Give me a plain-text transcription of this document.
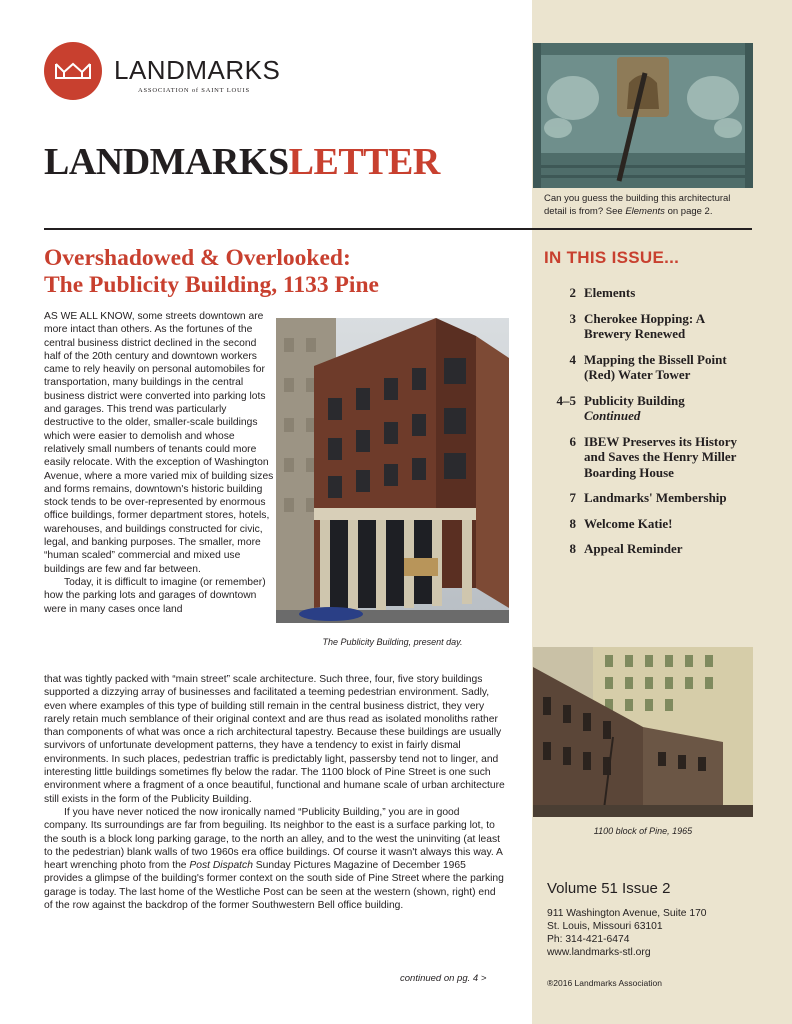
LANDMARKS
ASSOCIATION of SAINT LOUIS
LANDMARKSLETTER
Overshadowed & Overlooked:
The Publicity Building, 1133 Pine

AS WE ALL KNOW, some streets downtown are more intact than others. As the fortunes of the central business district declined in the second half of the 20th century and downtown workers came to rely heavily on personal automobiles for transportation, many buildings in the central business district were converted into parking lots and garages. This trend was particularly destructive to the older, smaller-scale buildings which were easier to demolish and whose relatively small numbers of tenants could more easily relocate. With the exception of Washington Avenue, where a more varied mix of building sizes and forms remains, downtown's historic building stock tends to be over-represented by enormous office buildings, former department stores, hotels, warehouses, and buildings constructed for civic, legal, and banking purposes. The smaller, more “human scaled” commercial and mixed use buildings are few and far between.

Today, it is difficult to imagine (or remember) how the parking lots and garages of downtown were in many cases once land

The Publicity Building, present day.

that was tightly packed with “main street” scale architecture. Such three, four, five story buildings supported a dizzying array of businesses and facilitated a teeming pedestrian environment. Sadly, even where examples of this type of building still remain in the central business district, they very rarely retain much semblance of their original context and are thus read as isolated monoliths rather than components of what was once a rich architectural tapestry. Because these buildings are usually survivors of unfortunate development patterns, they have a tendency to exist in fairly dismal environments. In such places, pedestrian traffic is predictably light, passersby tend not to linger, and interesting little buildings sometimes fly below the radar. The 1100 block of Pine Street is one such environment where a fragment of a once beautiful, functional and humane scale of urban architecture still exists in the form of the Publicity Building.

If you have never noticed the now ironically named “Publicity Building,” you are in good company. Its surroundings are far from beguiling. Its neighbor to the east is a surface parking lot, to the south is a block long parking garage, to the north an alley, and to the west the uninviting (at least to the pedestrian) blank walls of two 1960s era office buildings. Of course it wasn't always this way. A heart wrenching photo from the Post Dispatch Sunday Pictures Magazine of December 1965 provides a glimpse of the building's former context on the south side of Pine Street where the parking garage is today. The last home of the Westliche Post can be seen at the western (shown, right) end of the row against the backdrop of the former Southwestern Bell office building.

continued on pg. 4 >
Can you guess the building this architectural detail is from? See Elements on page 2.
IN THIS ISSUE...
2 Elements
3 Cherokee Hopping: A Brewery Renewed
4 Mapping the Bissell Point (Red) Water Tower
4–5 Publicity Building
Continued
6 IBEW Preserves its History and Saves the Henry Miller Boarding House
7 Landmarks' Membership
8 Welcome Katie!
8 Appeal Reminder
1100 block of Pine, 1965
Volume 51 Issue 2
911 Washington Avenue, Suite 170
St. Louis, Missouri 63101
Ph: 314-421-6474
www.landmarks-stl.org
®2016 Landmarks Association
